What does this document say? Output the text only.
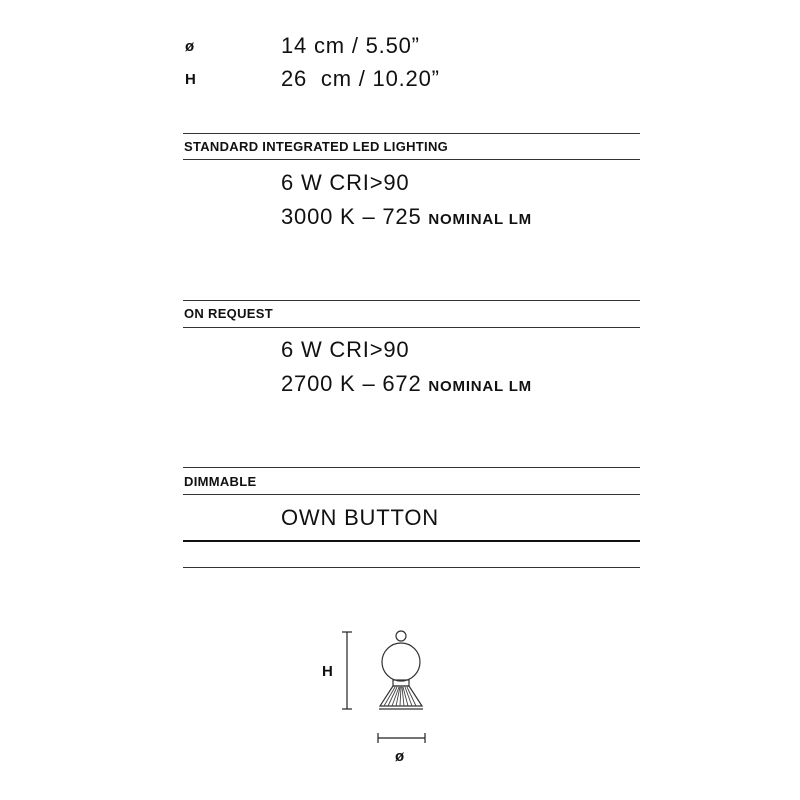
ø	14 cm / 5.50”
H	26  cm / 10.20”
STANDARD INTEGRATED LED LIGHTING
6 W CRI>90
3000 K – 725 NOMINAL LM
ON REQUEST
6 W CRI>90
2700 K – 672 NOMINAL LM
DIMMABLE
OWN BUTTON
H
ø
